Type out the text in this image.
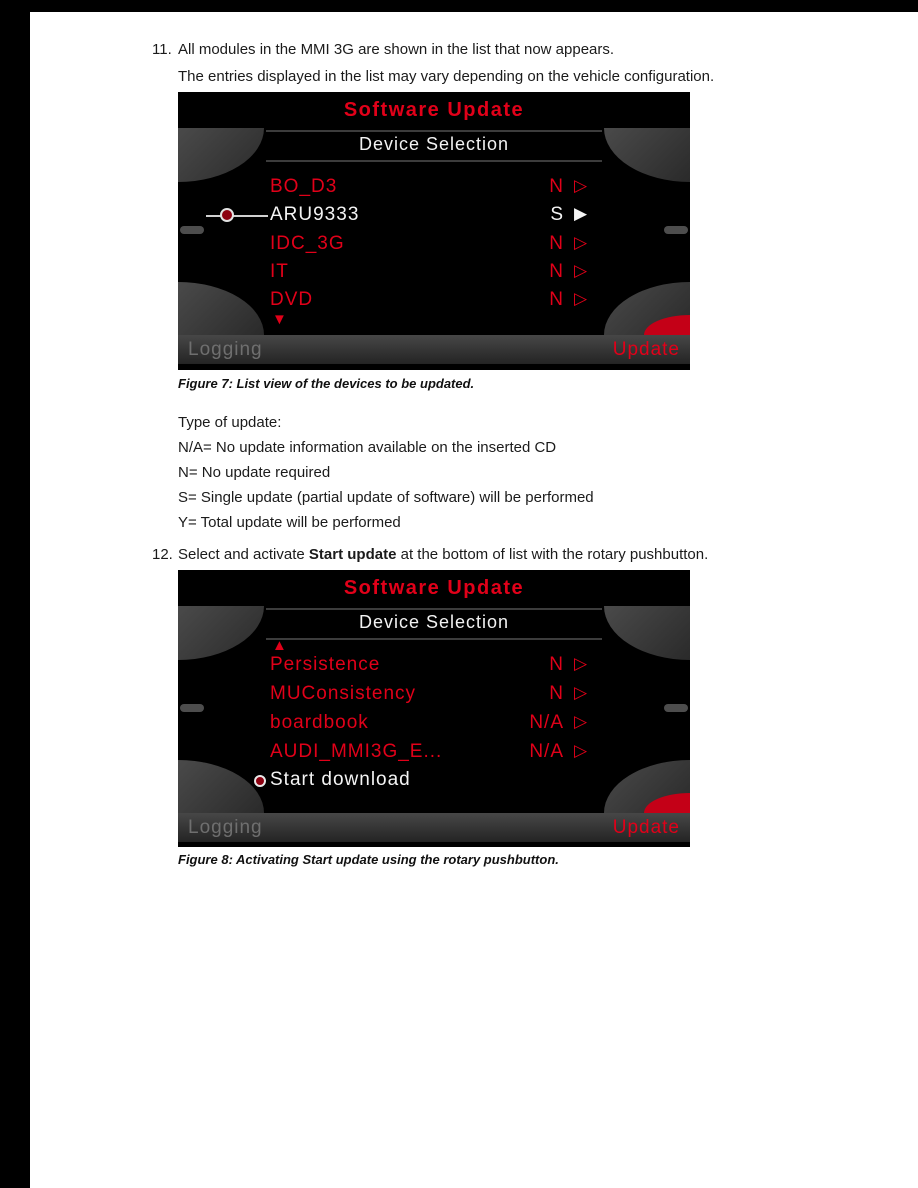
11. All modules in the MMI 3G are shown in the list that now appears.
The entries displayed in the list may vary depending on the vehicle configuration.
Software Update
Device Selection
BO_D3	N ▷
ARU9333	S ▶
IDC_3G	N ▷
IT	N ▷
DVD	N ▷
▼
Logging	Update
Figure 7: List view of the devices to be updated.
Type of update:
N/A= No update information available on the inserted CD
N= No update required
S= Single update (partial update of software) will be performed
Y= Total update will be performed
12. Select and activate Start update at the bottom of list with the rotary pushbutton.
Software Update
Device Selection
▲
Persistence	N ▷
MUConsistency	N ▷
boardbook	N/A ▷
AUDI_MMI3G_E...	N/A ▷
Start download
Logging	Update
Figure 8: Activating Start update using the rotary pushbutton.
